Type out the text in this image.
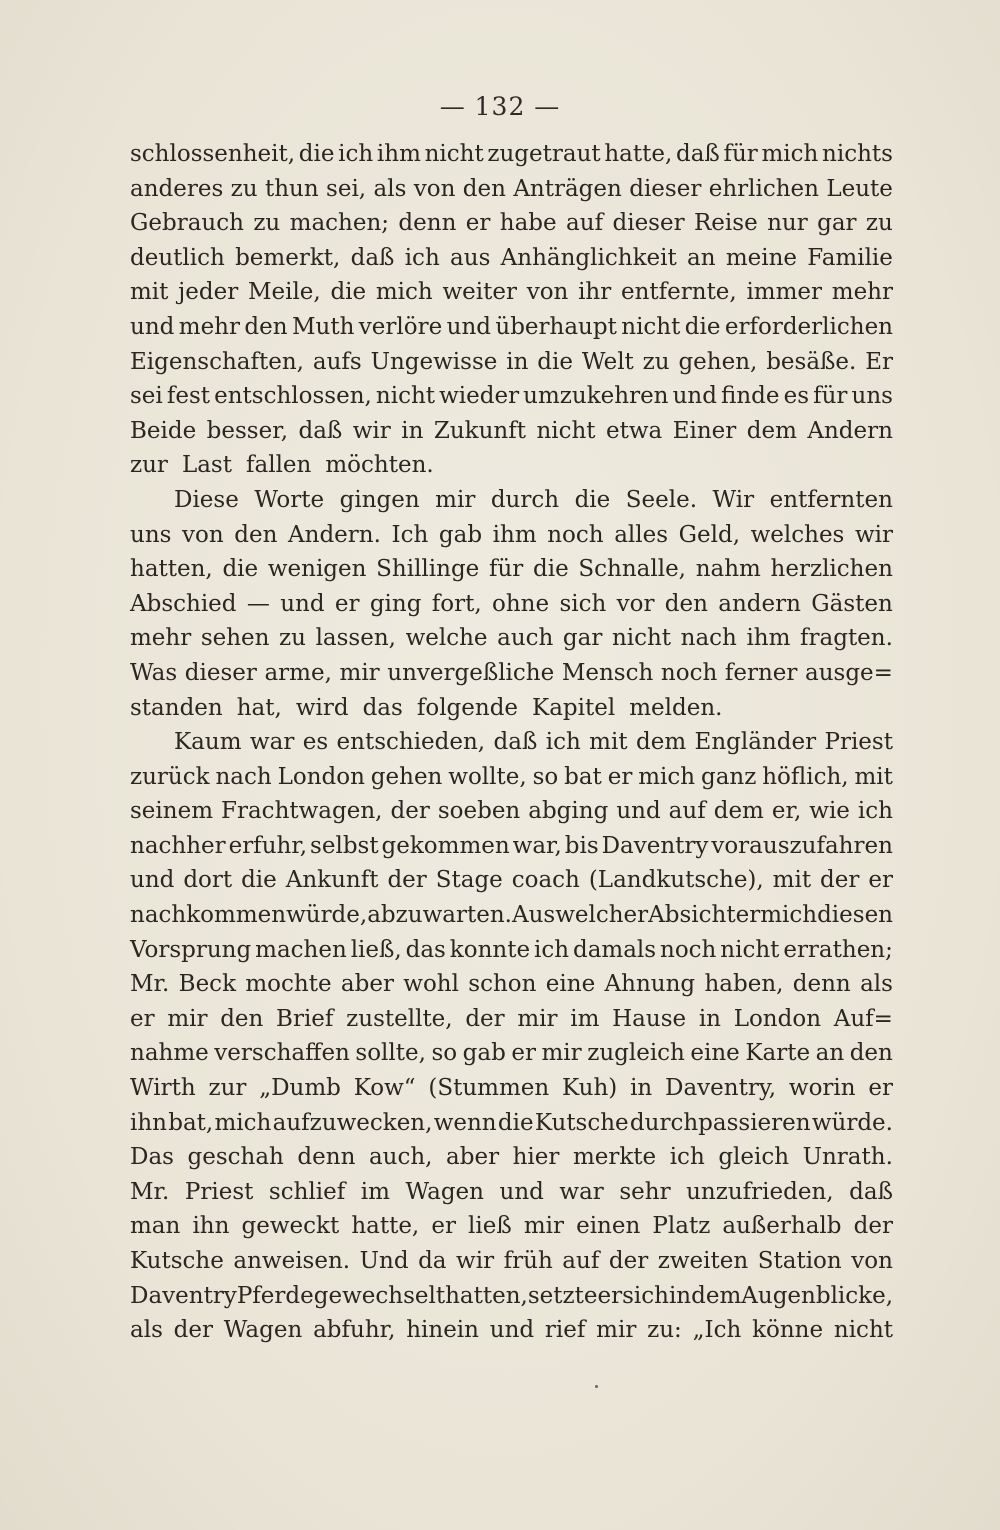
— 132 —
schlossenheit, die ich ihm nicht zugetraut hatte, daß für mich nichts
anderes zu thun sei, als von den Anträgen dieser ehrlichen Leute
Gebrauch zu machen; denn er habe auf dieser Reise nur gar zu
deutlich bemerkt, daß ich aus Anhänglichkeit an meine Familie
mit jeder Meile, die mich weiter von ihr entfernte, immer mehr
und mehr den Muth verlöre und überhaupt nicht die erforderlichen
Eigenschaften, aufs Ungewisse in die Welt zu gehen, besäße. Er
sei fest entschlossen, nicht wieder umzukehren und finde es für uns
Beide besser, daß wir in Zukunft nicht etwa Einer dem Andern
zur Last fallen möchten.
Diese Worte gingen mir durch die Seele. Wir entfernten
uns von den Andern. Ich gab ihm noch alles Geld, welches wir
hatten, die wenigen Shillinge für die Schnalle, nahm herzlichen
Abschied — und er ging fort, ohne sich vor den andern Gästen
mehr sehen zu lassen, welche auch gar nicht nach ihm fragten.
Was dieser arme, mir unvergeßliche Mensch noch ferner ausge=
standen hat, wird das folgende Kapitel melden.
Kaum war es entschieden, daß ich mit dem Engländer Priest
zurück nach London gehen wollte, so bat er mich ganz höflich, mit
seinem Frachtwagen, der soeben abging und auf dem er, wie ich
nachher erfuhr, selbst gekommen war, bis Daventry vorauszufahren
und dort die Ankunft der Stage coach (Landkutsche), mit der er
nachkommen würde, abzuwarten. Aus welcher Absicht er mich diesen
Vorsprung machen ließ, das konnte ich damals noch nicht errathen;
Mr. Beck mochte aber wohl schon eine Ahnung haben, denn als
er mir den Brief zustellte, der mir im Hause in London Auf=
nahme verschaffen sollte, so gab er mir zugleich eine Karte an den
Wirth zur „Dumb Kow“ (Stummen Kuh) in Daventry, worin er
ihn bat, mich aufzuwecken, wenn die Kutsche durchpassieren würde.
Das geschah denn auch, aber hier merkte ich gleich Unrath.
Mr. Priest schlief im Wagen und war sehr unzufrieden, daß
man ihn geweckt hatte, er ließ mir einen Platz außerhalb der
Kutsche anweisen. Und da wir früh auf der zweiten Station von
Daventry Pferde gewechselt hatten, setzte er sich in dem Augenblicke,
als der Wagen abfuhr, hinein und rief mir zu: „Ich könne nicht
